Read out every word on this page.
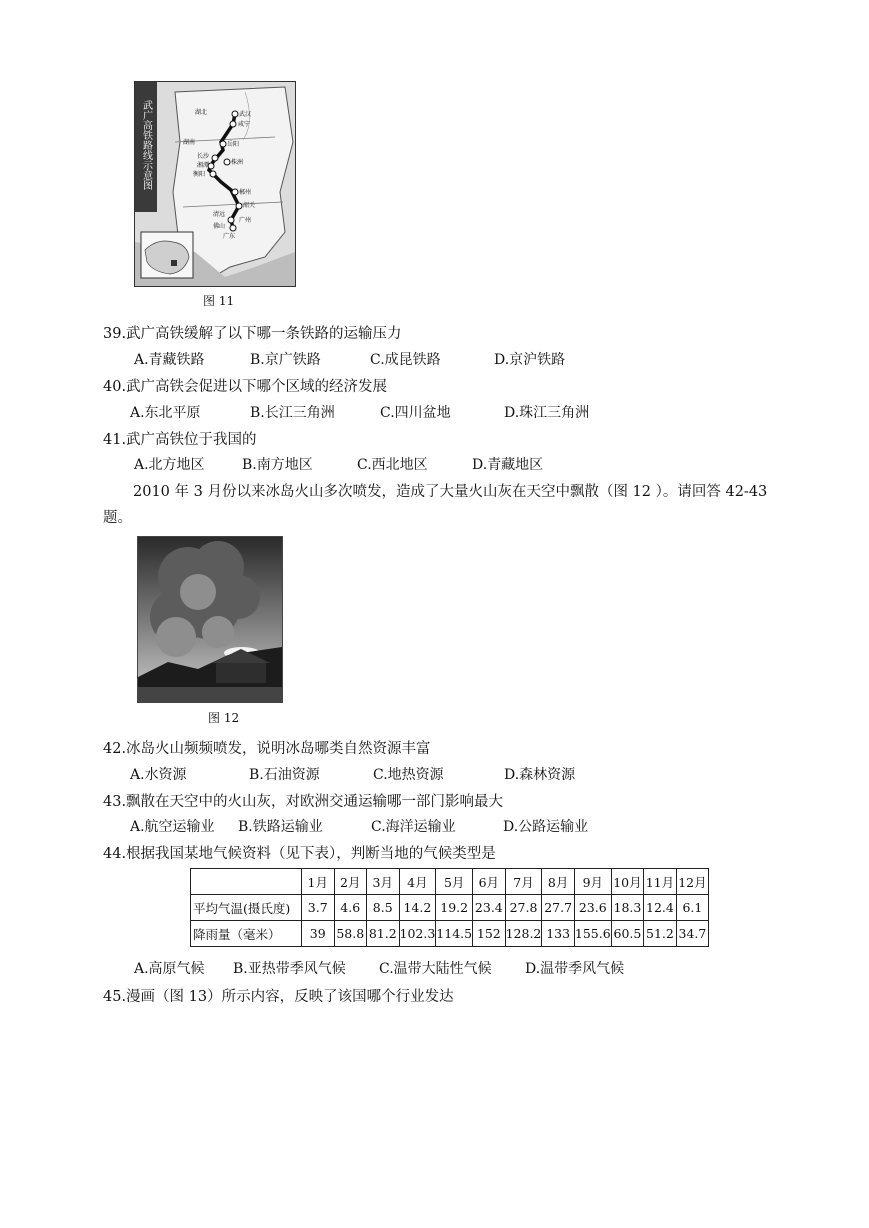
武广高铁路线示意图	湖北	武汉
咸宁
湖南	岳阳
长沙
湘潭	株洲
衡阳
郴州
韶关
清远
广州
佛山
广东
图 11
39.武广高铁缓解了以下哪一条铁路的运输压力
A.青藏铁路	B.京广铁路	C.成昆铁路	D.京沪铁路
40.武广高铁会促进以下哪个区域的经济发展
A.东北平原	B.长江三角洲	C.四川盆地	D.珠江三角洲
41.武广高铁位于我国的
A.北方地区	B.南方地区	C.西北地区	D.青藏地区
2010 年 3 月份以来冰岛火山多次喷发，造成了大量火山灰在天空中飘散（图 12 ）。请回答 42-43
题。
图 12
42.冰岛火山频频喷发，说明冰岛哪类自然资源丰富
A.水资源	B.石油资源	C.地热资源	D.森林资源
43.飘散在天空中的火山灰，对欧洲交通运输哪一部门影响最大
A.航空运输业 B.铁路运输业	C.海洋运输业	D.公路运输业
44.根据我国某地气候资料（见下表），判断当地的气候类型是
	1月	2月	3月	4月	5月	6月	7月	8月	9月	10月	11月	12月
平均气温(摄氏度)	3.7	4.6	8.5	14.2	19.2	23.4	27.8	27.7	23.6	18.3	12.4	6.1
降雨量（毫米）	39	58.8	81.2	102.3	114.5	152	128.2	133	155.6	60.5	51.2	34.7
A.高原气候 B.亚热带季风气候 C.温带大陆性气候 D.温带季风气候
45.漫画（图 13）所示内容，反映了该国哪个行业发达
